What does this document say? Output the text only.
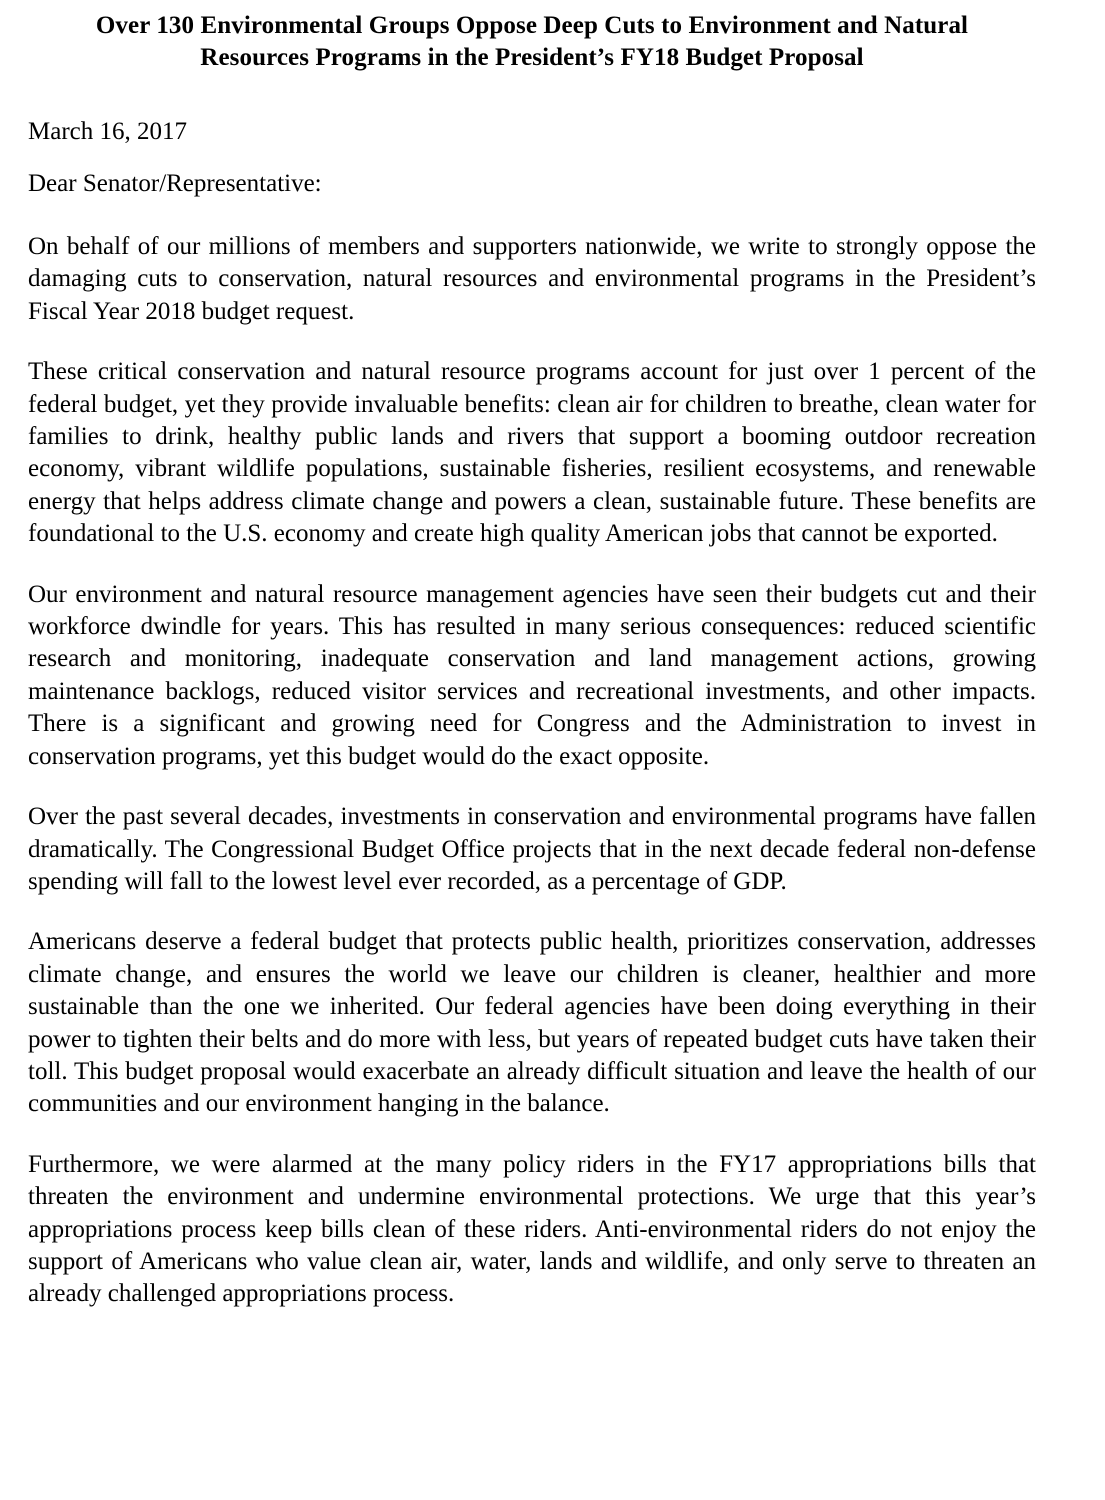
Over 130 Environmental Groups Oppose Deep Cuts to Environment and Natural
Resources Programs in the President’s FY18 Budget Proposal

March 16, 2017

Dear Senator/Representative:

On behalf of our millions of members and supporters nationwide, we write to strongly oppose the damaging cuts to conservation, natural resources and environmental programs in the President’s Fiscal Year 2018 budget request.

These critical conservation and natural resource programs account for just over 1 percent of the federal budget, yet they provide invaluable benefits: clean air for children to breathe, clean water for families to drink, healthy public lands and rivers that support a booming outdoor recreation economy, vibrant wildlife populations, sustainable fisheries, resilient ecosystems, and renewable energy that helps address climate change and powers a clean, sustainable future. These benefits are foundational to the U.S. economy and create high quality American jobs that cannot be exported.

Our environment and natural resource management agencies have seen their budgets cut and their workforce dwindle for years. This has resulted in many serious consequences: reduced scientific research and monitoring, inadequate conservation and land management actions, growing maintenance backlogs, reduced visitor services and recreational investments, and other impacts. There is a significant and growing need for Congress and the Administration to invest in conservation programs, yet this budget would do the exact opposite.

Over the past several decades, investments in conservation and environmental programs have fallen dramatically. The Congressional Budget Office projects that in the next decade federal non-defense spending will fall to the lowest level ever recorded, as a percentage of GDP.

Americans deserve a federal budget that protects public health, prioritizes conservation, addresses climate change, and ensures the world we leave our children is cleaner, healthier and more sustainable than the one we inherited. Our federal agencies have been doing everything in their power to tighten their belts and do more with less, but years of repeated budget cuts have taken their toll. This budget proposal would exacerbate an already difficult situation and leave the health of our communities and our environment hanging in the balance.

Furthermore, we were alarmed at the many policy riders in the FY17 appropriations bills that threaten the environment and undermine environmental protections. We urge that this year’s appropriations process keep bills clean of these riders. Anti-environmental riders do not enjoy the support of Americans who value clean air, water, lands and wildlife, and only serve to threaten an already challenged appropriations process.
